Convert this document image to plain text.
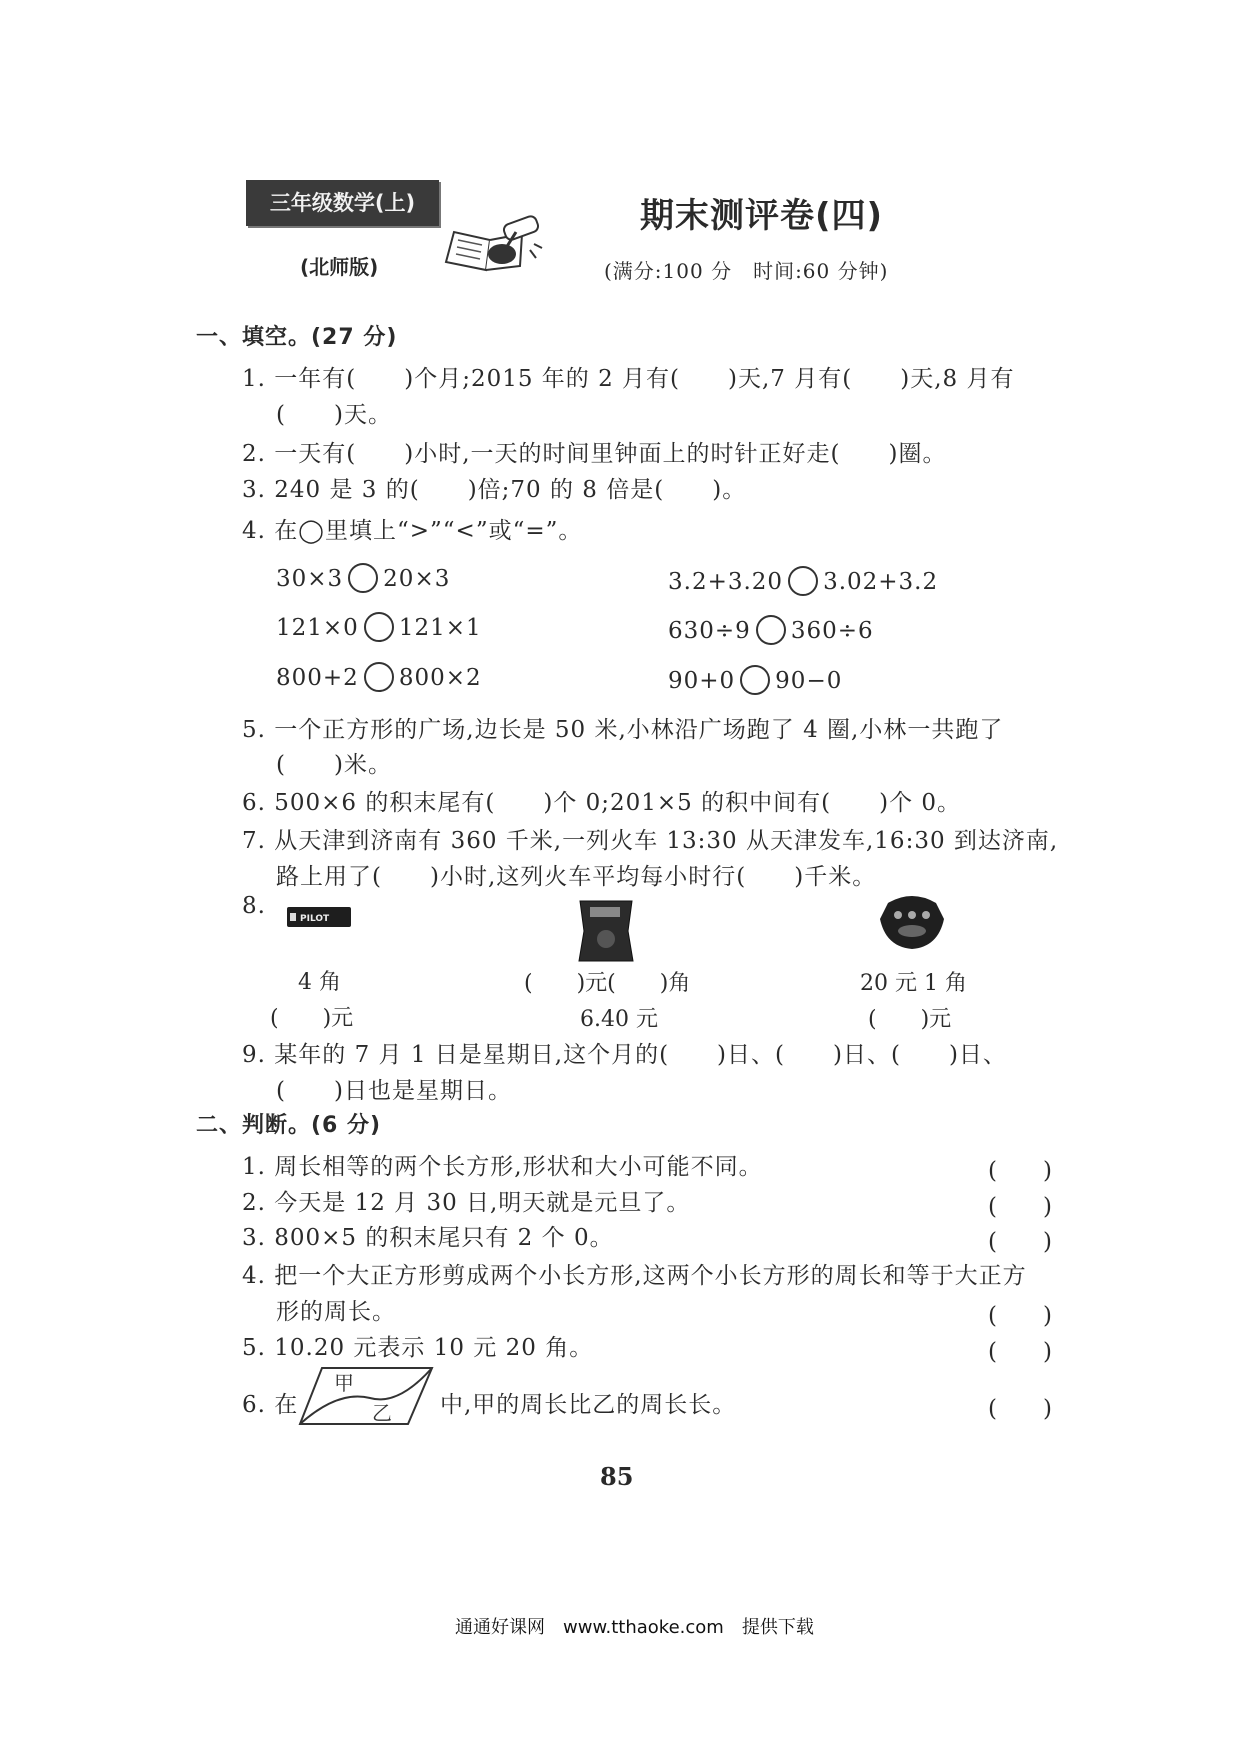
三年级数学(上)
(北师版)
期末测评卷(四)
(满分:100 分　时间:60 分钟)
一、填空。(27 分)
1. 一年有(　　)个月;2015 年的 2 月有(　　)天,7 月有(　　)天,8 月有
(　　)天。
2. 一天有(　　)小时,一天的时间里钟面上的时针正好走(　　)圈。
3. 240 是 3 的(　　)倍;70 的 8 倍是(　　)。
4. 在◯里填上“>”“<”或“=”。
30×3 20×3	3.2+3.20 3.02+3.2
121×0 121×1	630÷9 360÷6
800+2 800×2	90+0 90−0
5. 一个正方形的广场,边长是 50 米,小林沿广场跑了 4 圈,小林一共跑了
(　　)米。
6. 500×6 的积末尾有(　　)个 0;201×5 的积中间有(　　)个 0。
7. 从天津到济南有 360 千米,一列火车 13:30 从天津发车,16:30 到达济南,
路上用了(　　)小时,这列火车平均每小时行(　　)千米。
8.	PILOT
4 角
(　　)元
(　　)元(　　)角
6.40 元
20 元 1 角
(　　)元
9. 某年的 7 月 1 日是星期日,这个月的(　　)日、(　　)日、(　　)日、
(　　)日也是星期日。
二、判断。(6 分)
1. 周长相等的两个长方形,形状和大小可能不同。	(　　)
2. 今天是 12 月 30 日,明天就是元旦了。	(　　)
3. 800×5 的积末尾只有 2 个 0。	(　　)
4. 把一个大正方形剪成两个小长方形,这两个小长方形的周长和等于大正方
形的周长。	(　　)
5. 10.20 元表示 10 元 20 角。	(　　)
6. 在
甲
乙 中,甲的周长比乙的周长长。	(　　)
85
通通好课网　www.tthaoke.com　提供下载
